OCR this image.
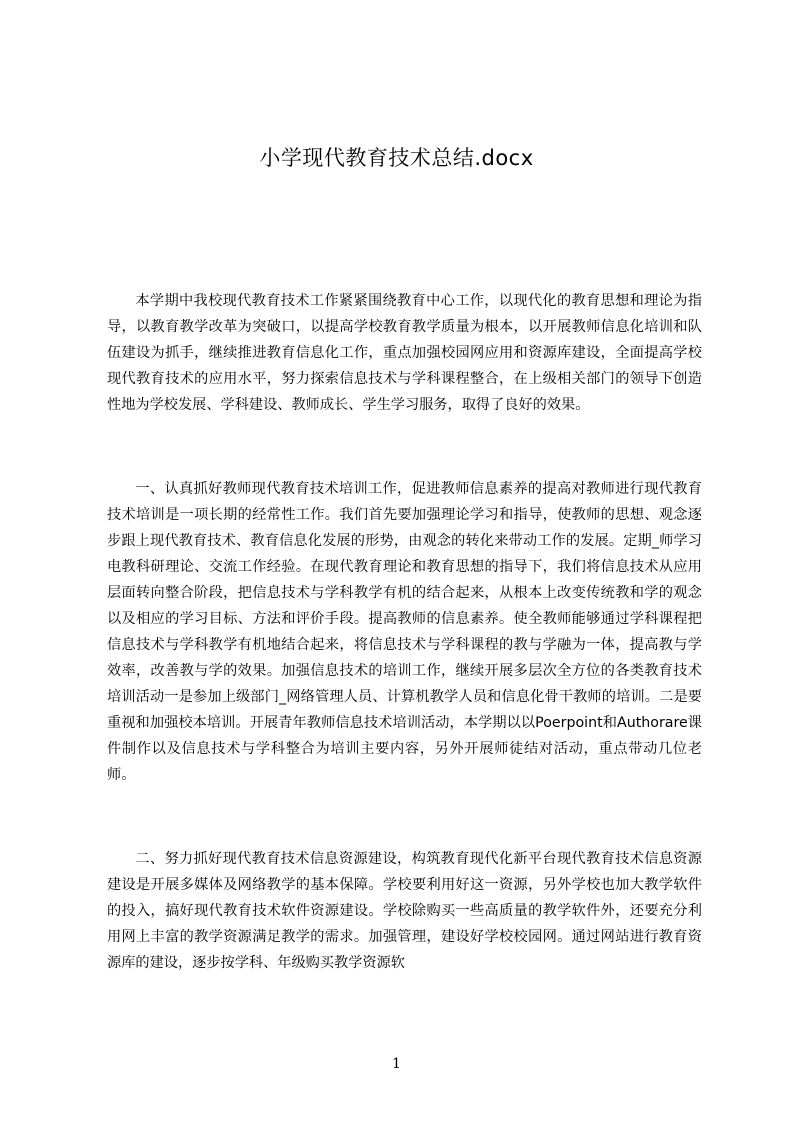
小学现代教育技术总结.docx

本学期中我校现代教育技术工作紧紧围绕教育中心工作，以现代化的教育思想和理论为指导，以教育教学改革为突破口，以提高学校教育教学质量为根本，以开展教师信息化培训和队伍建设为抓手，继续推进教育信息化工作，重点加强校园网应用和资源库建设，全面提高学校现代教育技术的应用水平，努力探索信息技术与学科课程整合，在上级相关部门的领导下创造性地为学校发展、学科建设、教师成长、学生学习服务，取得了良好的效果。

一、认真抓好教师现代教育技术培训工作，促进教师信息素养的提高对教师进行现代教育技术培训是一项长期的经常性工作。我们首先要加强理论学习和指导，使教师的思想、观念逐步跟上现代教育技术、教育信息化发展的形势，由观念的转化来带动工作的发展。定期_师学习电教科研理论、交流工作经验。在现代教育理论和教育思想的指导下，我们将信息技术从应用层面转向整合阶段，把信息技术与学科教学有机的结合起来，从根本上改变传统教和学的观念以及相应的学习目标、方法和评价手段。提高教师的信息素养。使全教师能够通过学科课程把信息技术与学科教学有机地结合起来，将信息技术与学科课程的教与学融为一体，提高教与学效率，改善教与学的效果。加强信息技术的培训工作，继续开展多层次全方位的各类教育技术培训活动一是参加上级部门_网络管理人员、计算机教学人员和信息化骨干教师的培训。二是要重视和加强校本培训。开展青年教师信息技术培训活动，本学期以以Poerpoint和Authorare课件制作以及信息技术与学科整合为培训主要内容，另外开展师徒结对活动，重点带动几位老师。

二、努力抓好现代教育技术信息资源建设，构筑教育现代化新平台现代教育技术信息资源建设是开展多媒体及网络教学的基本保障。学校要利用好这一资源，另外学校也加大教学软件的投入，搞好现代教育技术软件资源建设。学校除购买一些高质量的教学软件外，还要充分利用网上丰富的教学资源满足教学的需求。加强管理，建设好学校校园网。通过网站进行教育资源库的建设，逐步按学科、年级购买教学资源软

1
